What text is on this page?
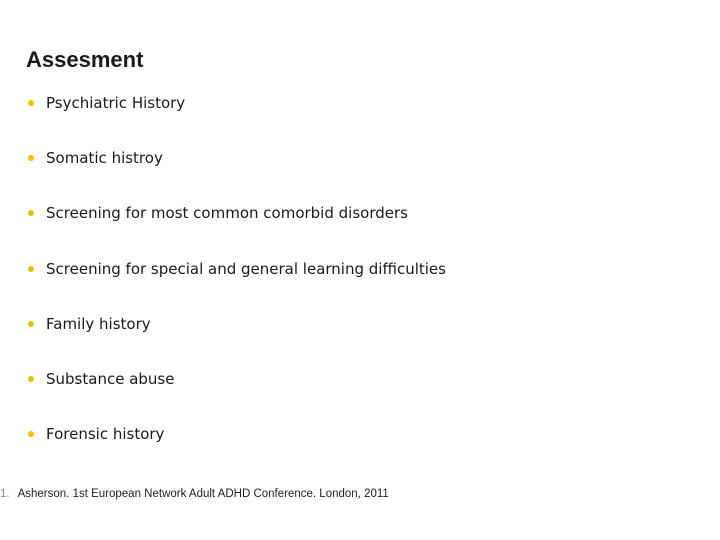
Assesment
Psychiatric History
Somatic histroy
Screening for most common comorbid disorders
Screening for special and general learning difficulties
Family history
Substance abuse
Forensic history
1. Asherson. 1st European Network Adult ADHD Conference. London, 2011
